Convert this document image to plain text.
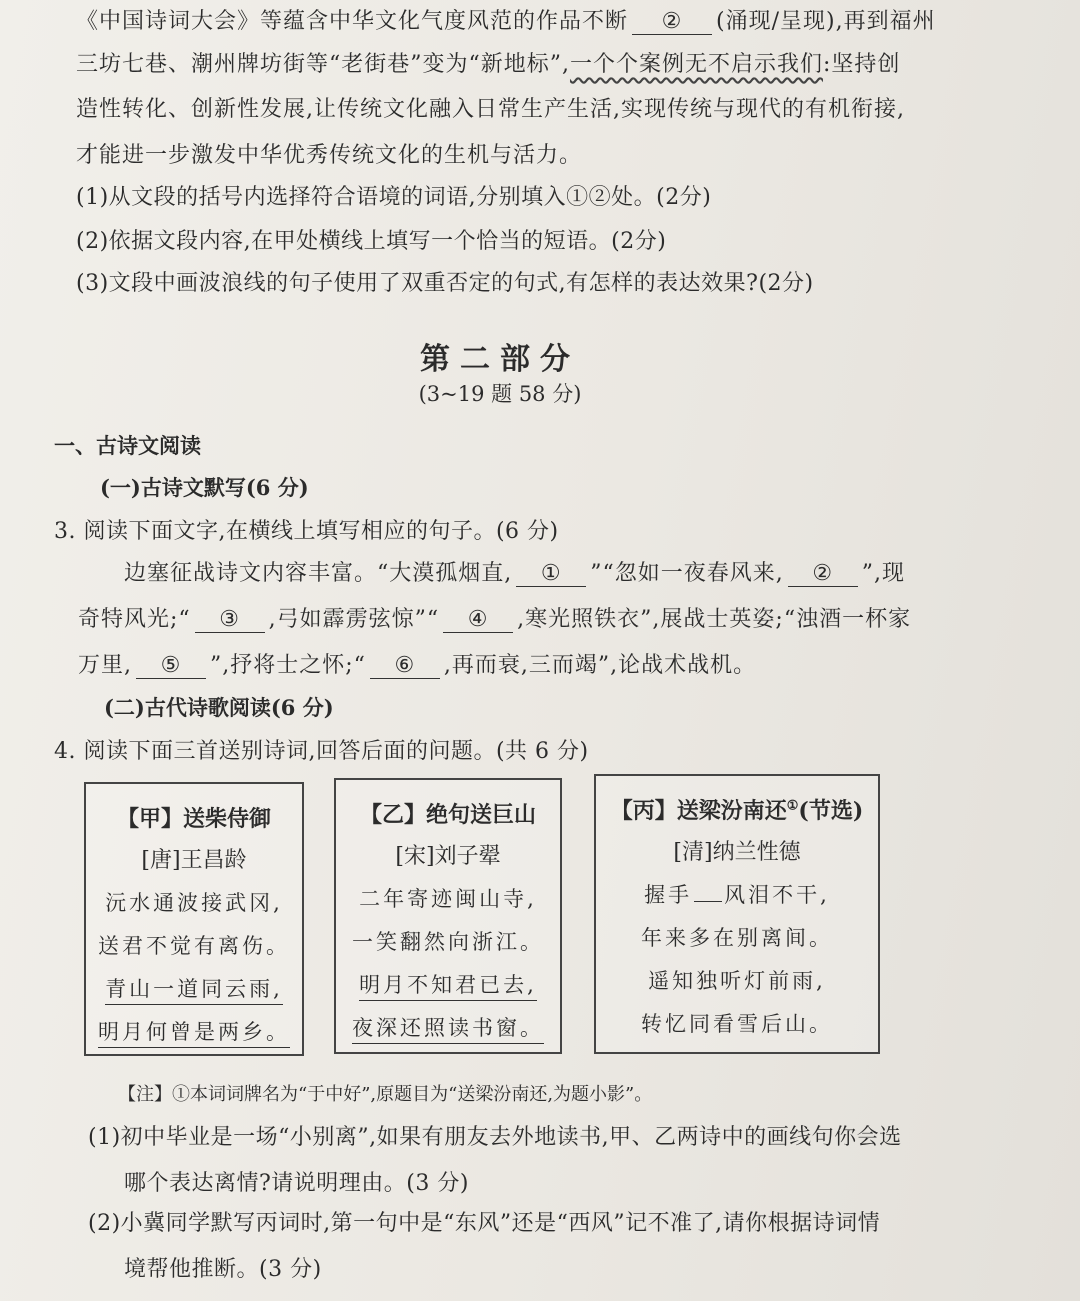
《中国诗词大会》等蕴含中华文化气度风范的作品不断 ② (涌现/呈现),再到福州
三坊七巷、潮州牌坊街等“老街巷”变为“新地标”,一个个案例无不启示我们:坚持创
造性转化、创新性发展,让传统文化融入日常生产生活,实现传统与现代的有机衔接,
才能进一步激发中华优秀传统文化的生机与活力。
(1)从文段的括号内选择符合语境的词语,分别填入①②处。(2分)
(2)依据文段内容,在甲处横线上填写一个恰当的短语。(2分)
(3)文段中画波浪线的句子使用了双重否定的句式,有怎样的表达效果?(2分)
第二部分
(3~19 题 58 分)
一、古诗文阅读
(一)古诗文默写(6 分)
3. 阅读下面文字,在横线上填写相应的句子。(6 分)
边塞征战诗文内容丰富。“大漠孤烟直, ① ”“忽如一夜春风来, ② ”,现
奇特风光;“ ③ ,弓如霹雳弦惊”“ ④ ,寒光照铁衣”,展战士英姿;“浊酒一杯家
万里, ⑤ ”,抒将士之怀;“ ⑥ ,再而衰,三而竭”,论战术战机。
(二)古代诗歌阅读(6 分)
4. 阅读下面三首送别诗词,回答后面的问题。(共 6 分)
【甲】送柴侍御
[唐]王昌龄
沅水通波接武冈,
送君不觉有离伤。
青山一道同云雨,
明月何曾是两乡。
【乙】绝句送巨山
[宋]刘子翚
二年寄迹闽山寺,
一笑翻然向浙江。
明月不知君已去,
夜深还照读书窗。
【丙】送梁汾南还①(节选)
[清]纳兰性德
握手 风泪不干,
年来多在别离间。
遥知独听灯前雨,
转忆同看雪后山。
【注】①本词词牌名为“于中好”,原题目为“送梁汾南还,为题小影”。
(1)初中毕业是一场“小别离”,如果有朋友去外地读书,甲、乙两诗中的画线句你会选
哪个表达离情?请说明理由。(3 分)
(2)小冀同学默写丙词时,第一句中是“东风”还是“西风”记不准了,请你根据诗词情
境帮他推断。(3 分)
